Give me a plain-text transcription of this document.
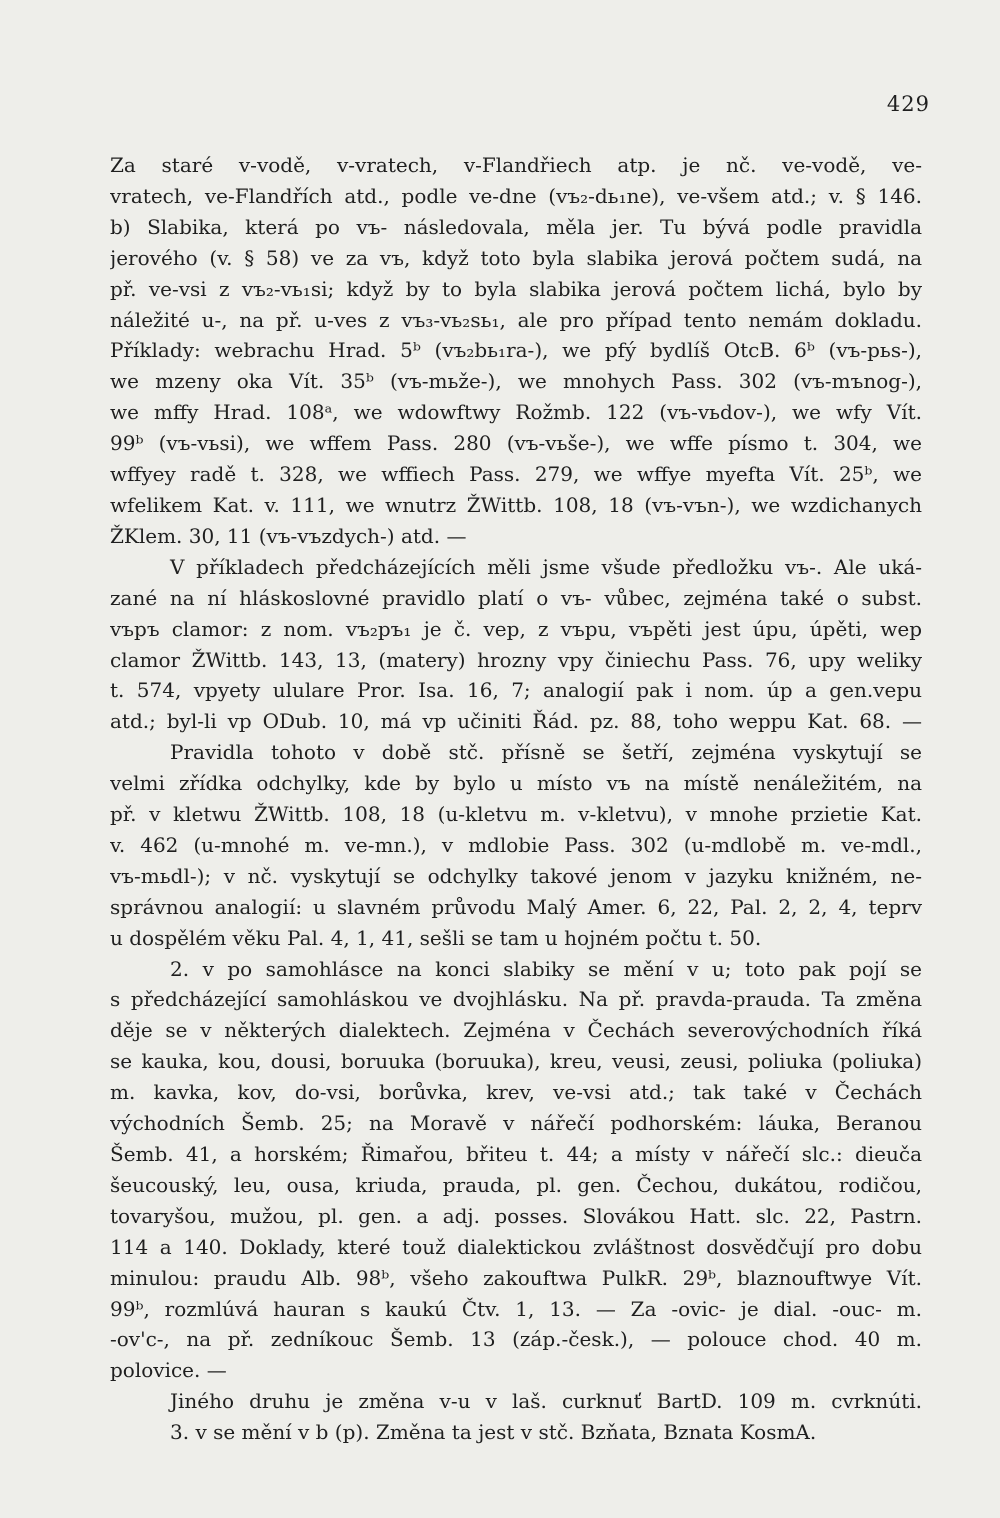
429
Za staré v-vodě, v-vratech, v-Flandřiech atp. je nč. ve-vodě, ve-
vratech, ve-Flandřích atd., podle ve-dne (vъ₂-dь₁ne), ve-všem atd.; v. § 146.
b) Slabika, která po vъ- následovala, měla jer. Tu bývá podle pravidla
jerového (v. § 58) ve za vъ, když toto byla slabika jerová počtem sudá, na
př. ve-vsi z vъ₂-vь₁si; když by to byla slabika jerová počtem lichá, bylo by
náležité u-, na př. u-ves z vъ₃-vь₂sь₁, ale pro případ tento nemám dokladu.
Příklady: webrachu Hrad. 5ᵇ (vъ₂bь₁ra-), we pfý bydlíš OtcB. 6ᵇ (vъ-pьs-),
we mzeny oka Vít. 35ᵇ (vъ-mьže-), we mnohych Pass. 302 (vъ-mъnog-),
we mffy Hrad. 108ᵃ, we wdowftwy Rožmb. 122 (vъ-vьdov-), we wfy Vít.
99ᵇ (vъ-vьsi), we wffem Pass. 280 (vъ-vьše-), we wffe písmo t. 304, we
wffyey radě t. 328, we wffiech Pass. 279, we wffye myefta Vít. 25ᵇ, we
wfelikem Kat. v. 111, we wnutrz ŽWittb. 108, 18 (vъ-vъn-), we wzdichanych
ŽKlem. 30, 11 (vъ-vъzdych-) atd. —
V příkladech předcházejících měli jsme všude předložku vъ-. Ale uká-
zané na ní hláskoslovné pravidlo platí o vъ- vůbec, zejména také o subst.
vъpъ clamor: z nom. vъ₂pъ₁ je č. vep, z vъpu, vъpěti jest úpu, úpěti, wep
clamor ŽWittb. 143, 13, (matery) hrozny vpy činiechu Pass. 76, upy weliky
t. 574, vpyety ululare Pror. Isa. 16, 7; analogií pak i nom. úp a gen.vepu
atd.; byl-li vp ODub. 10, má vp učiniti Řád. pz. 88, toho weppu Kat. 68. —
Pravidla tohoto v době stč. přísně se šetří, zejména vyskytují se
velmi zřídka odchylky, kde by bylo u místo vъ na místě nenáležitém, na
př. v kletwu ŽWittb. 108, 18 (u-kletvu m. v-kletvu), v mnohe przietie Kat.
v. 462 (u-mnohé m. ve-mn.), v mdlobie Pass. 302 (u-mdlobě m. ve-mdl.,
vъ-mьdl-); v nč. vyskytují se odchylky takové jenom v jazyku knižném, ne-
správnou analogií: u slavném průvodu Malý Amer. 6, 22, Pal. 2, 2, 4, teprv
u dospělém věku Pal. 4, 1, 41, sešli se tam u hojném počtu t. 50.
2. v po samohlásce na konci slabiky se mění v u; toto pak pojí se
s předcházející samohláskou ve dvojhlásku. Na př. pravda-prauda. Ta změna
děje se v některých dialektech. Zejména v Čechách severovýchodních říká
se kauka, kou, dousi, boruuka (boruuka), kreu, veusi, zeusi, poliuka (poliuka)
m. kavka, kov, do-vsi, borůvka, krev, ve-vsi atd.; tak také v Čechách
východních Šemb. 25; na Moravě v nářečí podhorském: láuka, Beranou
Šemb. 41, a horském; Řimařou, břiteu t. 44; a místy v nářečí slc.: dieuča
šeucouský, leu, ousa, kriuda, prauda, pl. gen. Čechou, dukátou, rodičou,
tovaryšou, mužou, pl. gen. a adj. posses. Slovákou Hatt. slc. 22, Pastrn.
114 a 140. Doklady, které touž dialektickou zvláštnost dosvědčují pro dobu
minulou: praudu Alb. 98ᵇ, všeho zakouftwa PulkR. 29ᵇ, blaznouftwye Vít.
99ᵇ, rozmlúvá hauran s kaukú Čtv. 1, 13. — Za -ovic- je dial. -ouc- m.
-ov'c-, na př. zedníkouc Šemb. 13 (záp.-česk.), — polouce chod. 40 m.
polovice. —
Jiného druhu je změna v-u v laš. curknuť BartD. 109 m. cvrknúti.
3. v se mění v b (p). Změna ta jest v stč. Bzňata, Bznata KosmA.
